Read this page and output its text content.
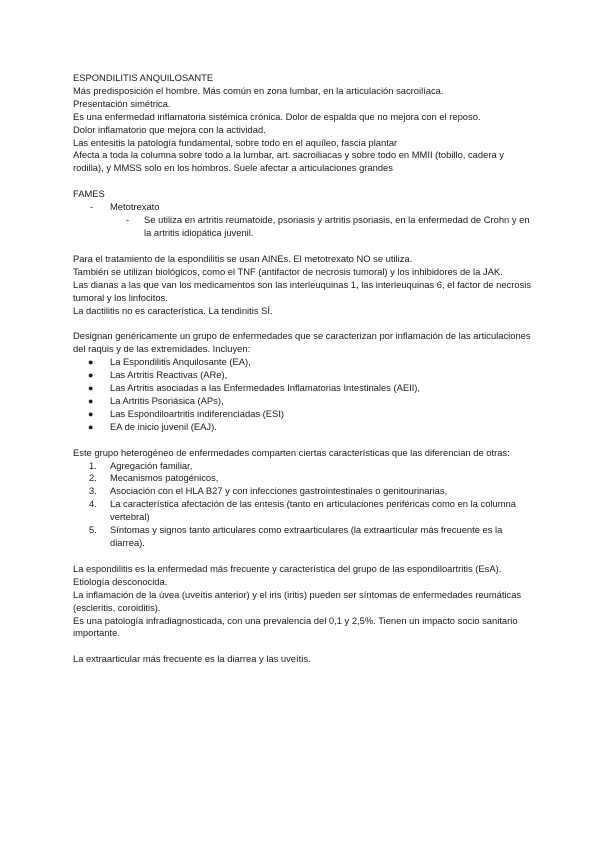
ESPONDILITIS ANQUILOSANTE
Más predisposición el hombre. Más común en zona lumbar, en la articulación sacroilíaca.
Presentación simétrica.
Es una enfermedad inflamatoria sistémica crónica. Dolor de espalda que no mejora con el reposo.
Dolor inflamatorio que mejora con la actividad.
Las entesitis la patología fundamental, sobre todo en el aquíleo, fascia plantar
Afecta a toda la columna sobre todo a la lumbar, art. sacroiliacas y sobre todo en MMII (tobillo, cadera y rodilla), y MMSS solo en los hombros. Suele afectar a articulaciones grandes
FAMES
- Metotrexato
- Se utiliza en artritis reumatoide, psoriasis y artritis psoriasis, en la enfermedad de Crohn y en la artritis idiopática juvenil.
Para el tratamiento de la espondilitis se usan AINEs. El metotrexato NO se utiliza.
También se utilizan biológicos, como el TNF (antifactor de necrosis tumoral) y los inhibidores de la JAK.
Las dianas a las que van los medicamentos son las interleuquinas 1, las interleuquinas 6, el factor de necrosis tumoral y los linfocitos.
La dactilitis no es característica. La tendinitis SÍ.
Designan genéricamente un grupo de enfermedades que se caracterizan por inflamación de las articulaciones del raquis y de las extremidades. Incluyen:
● La Espondilitis Anquilosante (EA),
● Las Artritis Reactivas (ARe),
● Las Artritis asociadas a las Enfermedades Inflamatorias Intestinales (AEII),
● La Artritis Psoriásica (APs),
● Las Espondiloartritis indiferenciadas (ESI)
● EA de inicio juvenil (EAJ).
Este grupo heterogéneo de enfermedades comparten ciertas características que las diferencian de otras:
1. Agregación familiar,
2. Mecanismos patogénicos,
3. Asociación con el HLA B27 y con infecciones gastrointestinales o genitourinarias,
4. La característica afectación de las entesis (tanto en articulaciones periféricas como en la columna vertebral)
5. Síntomas y signos tanto articulares como extraarticulares (la extraarticular más frecuente es la diarrea).
La espondilitis es la enfermedad más frecuente y característica del grupo de las espondiloartritis (EsA). Etiología desconocida.
La inflamación de la úvea (uveítis anterior) y el iris (iritis) pueden ser síntomas de enfermedades reumáticas (escleritis, coroiditis).
Es una patología infradiagnosticada, con una prevalencia del 0,1 y 2,5%. Tienen un impacto socio sanitario importante.
La extraarticular más frecuente es la diarrea y las uveítis.
